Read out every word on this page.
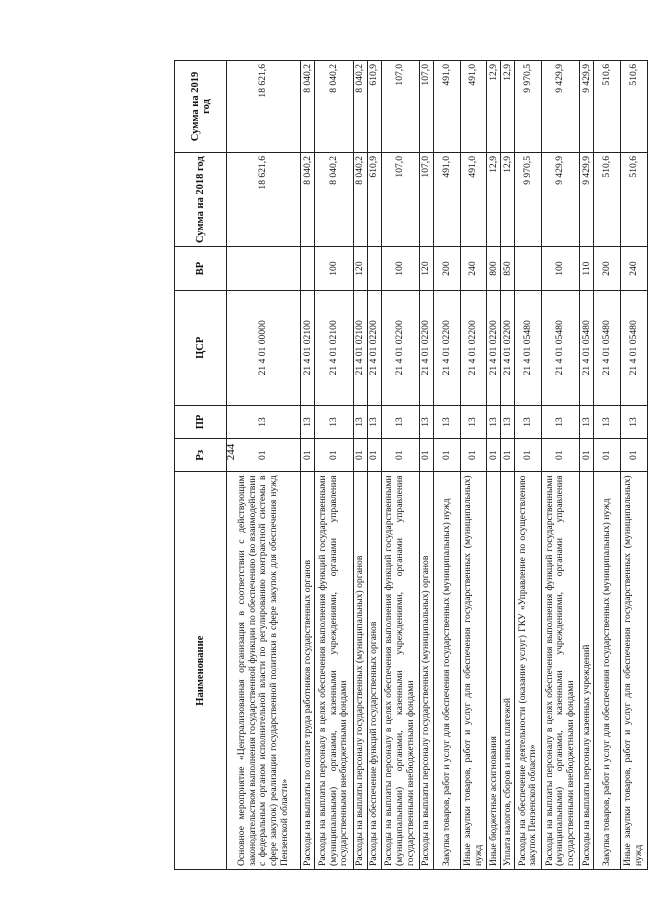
244
Наименование	Рз	ПР	ЦСР	ВР	Сумма на 2018 год	Сумма на 2019 год
Основное мероприятие «Централизованная организация в соответствии с действующим законодательством выполнения государственной функции по обеспечению (во взаимодействии с федеральным органом исполнительной власти по регулированию контрактной системы в сфере закупок) реализации государственной политики в сфере закупок для обеспечения нужд Пензенской области»	01	13	21 4 01 00000		18 621,6	18 621,6
Расходы на выплаты по оплате труда работников государственных органов	01	13	21 4 01 02100		8 040,2	8 040,2
Расходы на выплаты персоналу в целях обеспечения выполнения функций государственными (муниципальными) органами, казенными учреждениями, органами управления государственными внебюджетными фондами	01	13	21 4 01 02100	100	8 040,2	8 040,2
Расходы на выплаты персоналу государственных (муниципальных) органов	01	13	21 4 01 02100	120	8 040,2	8 040,2
Расходы на обеспечение функций государственных органов	01	13	21 4 01 02200		610,9	610,9
Расходы на выплаты персоналу в целях обеспечения выполнения функций государственными (муниципальными) органами, казенными учреждениями, органами управления государственными внебюджетными фондами	01	13	21 4 01 02200	100	107,0	107,0
Расходы на выплаты персоналу государственных (муниципальных) органов	01	13	21 4 01 02200	120	107,0	107,0
Закупка товаров, работ и услуг для обеспечения государственных (муниципальных) нужд	01	13	21 4 01 02200	200	491,0	491,0
Иные закупки товаров, работ и услуг для обеспечения государственных (муниципальных) нужд	01	13	21 4 01 02200	240	491,0	491,0
Иные бюджетные ассигнования	01	13	21 4 01 02200	800	12,9	12,9
Уплата налогов, сборов и иных платежей	01	13	21 4 01 02200	850	12,9	12,9
Расходы на обеспечение деятельности (оказание услуг) ГКУ «Управление по осуществлению закупок Пензенской области»	01	13	21 4 01 05480		9 970,5	9 970,5
Расходы на выплаты персоналу в целях обеспечения выполнения функций государственными (муниципальными) органами, казенными учреждениями, органами управления государственными внебюджетными фондами	01	13	21 4 01 05480	100	9 429,9	9 429,9
Расходы на выплаты персоналу казенных учреждений	01	13	21 4 01 05480	110	9 429,9	9 429,9
Закупка товаров, работ и услуг для обеспечения государственных (муниципальных) нужд	01	13	21 4 01 05480	200	510,6	510,6
Иные закупки товаров, работ и услуг для обеспечения государственных (муниципальных) нужд	01	13	21 4 01 05480	240	510,6	510,6
